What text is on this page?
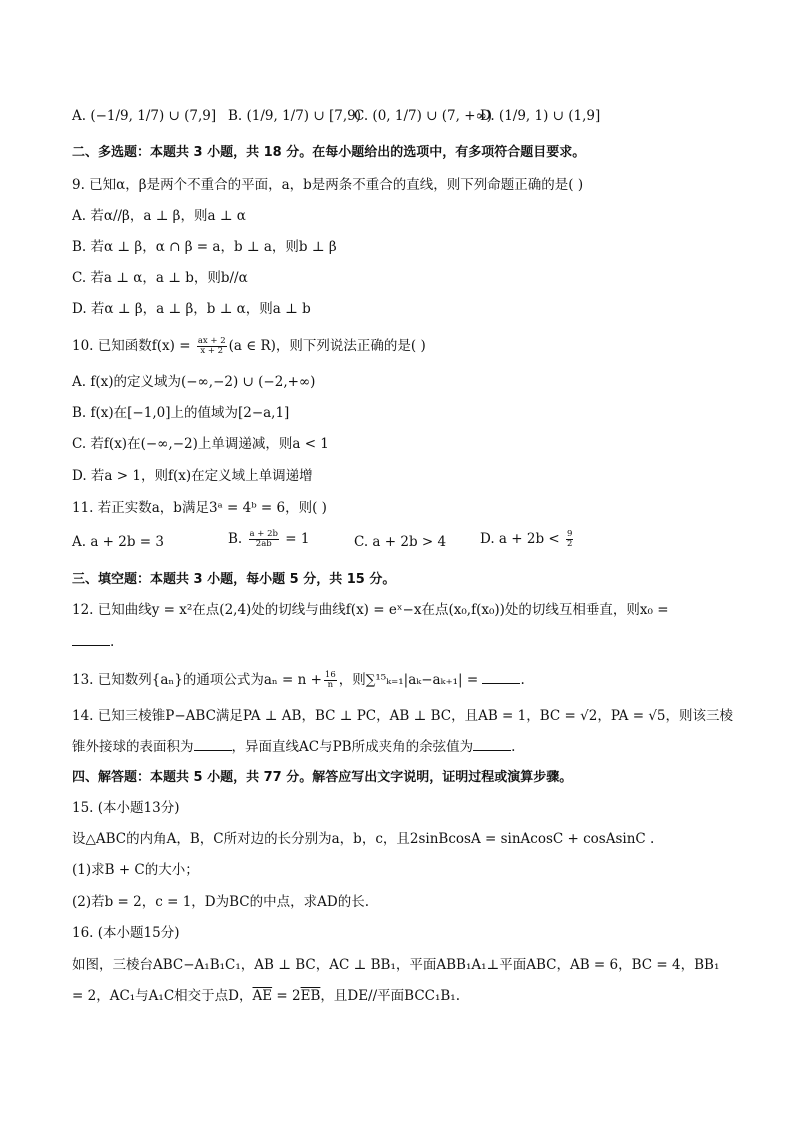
A. (−1/9, 1/7) ∪ (7,9] B. (1/9, 1/7) ∪ [7,9)
C. (0, 1/7) ∪ (7, +∞)
D. (1/9, 1) ∪ (1,9]
二、多选题：本题共 3 小题，共 18 分。在每小题给出的选项中，有多项符合题目要求。
9. 已知α，β是两个不重合的平面，a，b是两条不重合的直线，则下列命题正确的是( )
A. 若α//β，a ⊥ β，则a ⊥ α
B. 若α ⊥ β，α ∩ β = a，b ⊥ a，则b ⊥ β
C. 若a ⊥ α，a ⊥ b，则b//α
D. 若α ⊥ β，a ⊥ β，b ⊥ α，则a ⊥ b
10. 已知函数$f(x) = \frac{ax + 2}{x + 2} (a$ ∈ R)，则下列说法正确的是( )
A. f(x)的定义域为(−∞,−2) ∪ (−2,+∞)
B. f(x)在[−1,0]上的值域为[2−a,1]
C. 若f(x)在(−∞,−2)上单调递减，则a < 1
D. 若a > 1，则f(x)在定义域上单调递增
11. 若正实数a，b满足3ᵃ = 4ᵇ = 6，则( )
A. a + 2b = 3	B. $\frac{a + 2b}{2ab} = 1$	C. a + 2b > 4	D. $a + 2b < \frac{9}{2}$
三、填空题：本题共 3 小题，每小题 5 分，共 15 分。
12. 已知曲线y = x²在点(2,4)处的切线与曲线f(x) = eˣ−x在点(x₀,f(x₀))处的切线互相垂直，则x₀ =
.
13. 已知数列{aₙ}的通项公式为$a_n = n + \frac{16}{n}$ ，则∑¹⁵ₖ₌₁|aₖ−aₖ₊₁| =	.
14. 已知三棱锥P−ABC满足PA ⊥ AB，BC ⊥ PC，AB ⊥ BC，且AB = 1，BC = √2，PA = √5，则该三棱
锥外接球的表面积为	，异面直线AC与PB所成夹角的余弦值为	.
四、解答题：本题共 5 小题，共 77 分。解答应写出文字说明，证明过程或演算步骤。
15. (本小题13分)
设△ABC的内角A，B，C所对边的长分别为a，b，c，且2sinBcosA = sinAcosC + cosAsinC .
(1)求B + C的大小；
(2)若b = 2，c = 1，D为BC的中点，求AD的长.
16. (本小题15分)
如图，三棱台ABC−A₁B₁C₁，AB ⊥ BC，AC ⊥ BB₁，平面ABB₁A₁⊥平面ABC，AB = 6，BC = 4，BB₁
= 2，AC₁与A₁C相交于点D，$\overline{AE} = 2\overline{EB}$，且DE//平面BCC₁B₁.
